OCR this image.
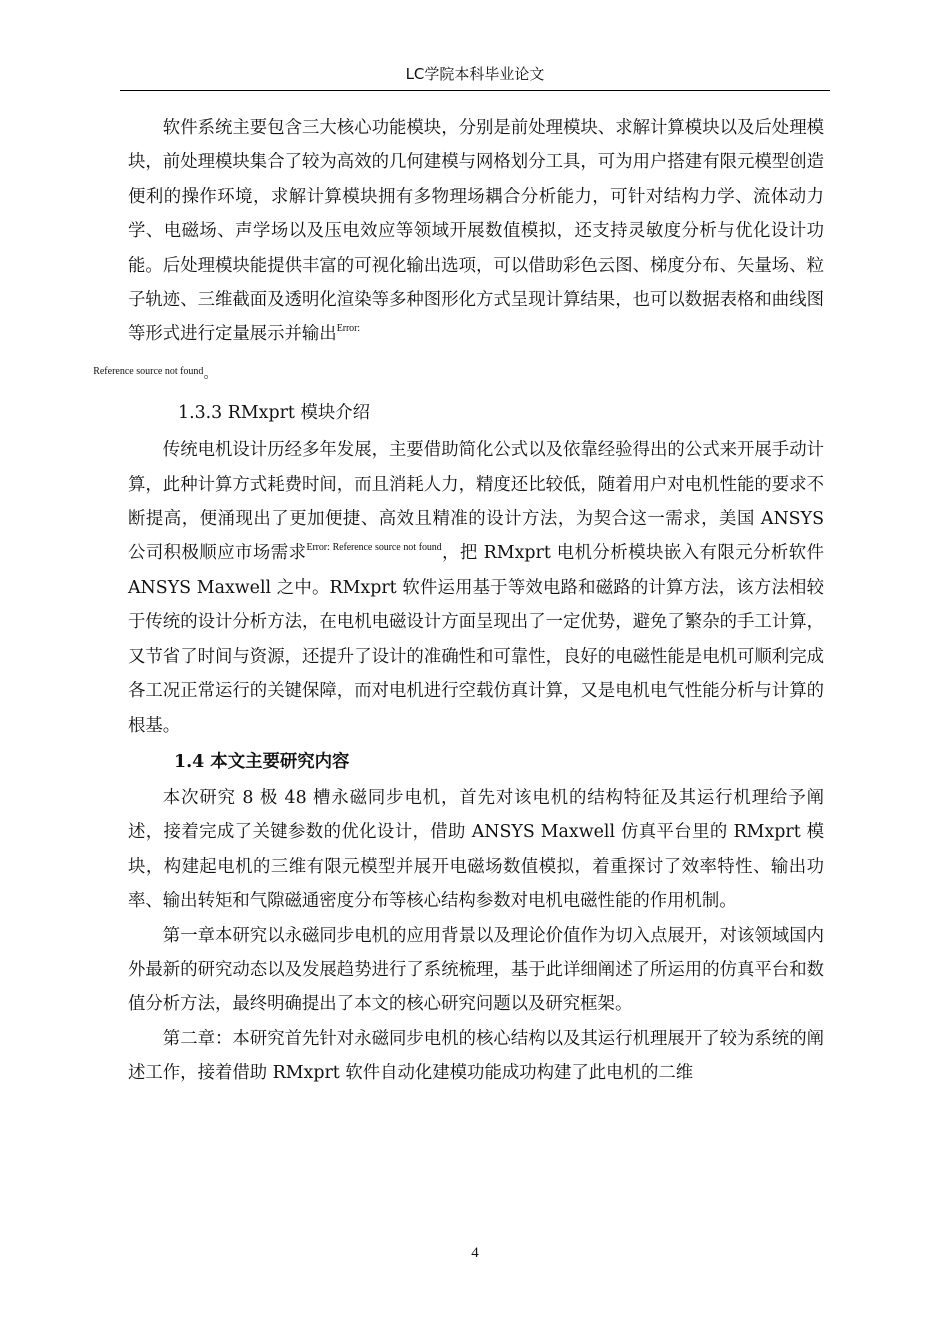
LC学院本科毕业论文

软件系统主要包含三大核心功能模块，分别是前处理模块、求解计算模块以及后处理模块，前处理模块集合了较为高效的几何建模与网格划分工具，可为用户搭建有限元模型创造便利的操作环境，求解计算模块拥有多物理场耦合分析能力，可针对结构力学、流体动力学、电磁场、声学场以及压电效应等领域开展数值模拟，还支持灵敏度分析与优化设计功能。后处理模块能提供丰富的可视化输出选项，可以借助彩色云图、梯度分布、矢量场、粒子轨迹、三维截面及透明化渲染等多种图形化方式呈现计算结果，也可以数据表格和曲线图等形式进行定量展示并输出$^{Error:}$
Reference source not found$_。$

1.3.3 RMxprt 模块介绍

传统电机设计历经多年发展，主要借助简化公式以及依靠经验得出的公式来开展手动计算，此种计算方式耗费时间，而且消耗人力，精度还比较低，随着用户对电机性能的要求不断提高，便涌现出了更加便捷、高效且精准的设计方法，为契合这一需求，美国 ANSYS 公司积极顺应市场需求$^{Error: Reference source not found}$，把 RMxprt 电机分析模块嵌入有限元分析软件 ANSYS Maxwell 之中。RMxprt 软件运用基于等效电路和磁路的计算方法，该方法相较于传统的设计分析方法，在电机电磁设计方面呈现出了一定优势，避免了繁杂的手工计算，又节省了时间与资源，还提升了设计的准确性和可靠性，良好的电磁性能是电机可顺利完成各工况正常运行的关键保障，而对电机进行空载仿真计算，又是电机电气性能分析与计算的根基。

1.4 本文主要研究内容

本次研究 8 极 48 槽永磁同步电机，首先对该电机的结构特征及其运行机理给予阐述，接着完成了关键参数的优化设计，借助 ANSYS Maxwell 仿真平台里的 RMxprt 模块，构建起电机的三维有限元模型并展开电磁场数值模拟，着重探讨了效率特性、输出功率、输出转矩和气隙磁通密度分布等核心结构参数对电机电磁性能的作用机制。

第一章本研究以永磁同步电机的应用背景以及理论价值作为切入点展开，对该领域国内外最新的研究动态以及发展趋势进行了系统梳理，基于此详细阐述了所运用的仿真平台和数值分析方法，最终明确提出了本文的核心研究问题以及研究框架。

第二章：本研究首先针对永磁同步电机的核心结构以及其运行机理展开了较为系统的阐述工作，接着借助 RMxprt 软件自动化建模功能成功构建了此电机的二维

4
